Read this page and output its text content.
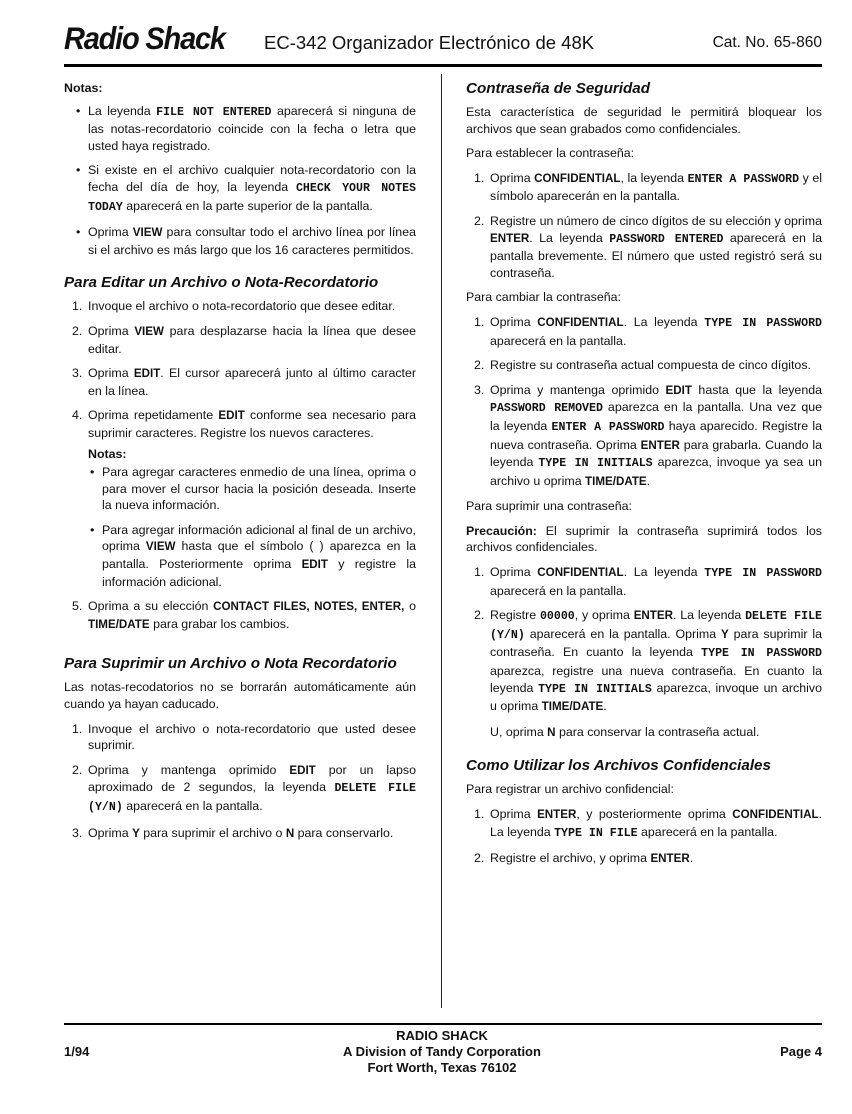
Radio Shack EC-342 Organizador Electrónico de 48K	Cat. No. 65-860
Notas:
• La leyenda FILE NOT ENTERED aparecerá si ninguna de las notas-recordatorio coincide con la fecha o letra que usted haya registrado.
• Si existe en el archivo cualquier nota-recordatorio con la fecha del día de hoy, la leyenda CHECK YOUR NOTES TODAY aparecerá en la parte superior de la pantalla.
• Oprima VIEW para consultar todo el archivo línea por línea si el archivo es más largo que los 16 caracteres permitidos.
Para Editar un Archivo o Nota-Recordatorio
1. Invoque el archivo o nota-recordatorio que desee editar.
2. Oprima VIEW para desplazarse hacia la línea que desee editar.
3. Oprima EDIT. El cursor aparecerá junto al último caracter en la línea.
4. Oprima repetidamente EDIT conforme sea necesario para suprimir caracteres. Registre los nuevos caracteres.
Notas:
• Para agregar caracteres enmedio de una línea, oprima o para mover el cursor hacia la posición deseada. Inserte la nueva información.
• Para agregar información adicional al final de un archivo, oprima VIEW hasta que el símbolo ( ) aparezca en la pantalla. Posteriormente oprima EDIT y registre la información adicional.
5. Oprima a su elección CONTACT FILES, NOTES, ENTER, o TIME/DATE para grabar los cambios.
Para Suprimir un Archivo o Nota Recordatorio
Las notas-recodatorios no se borrarán automáticamente aún cuando ya hayan caducado.
1. Invoque el archivo o nota-recordatorio que usted desee suprimir.
2. Oprima y mantenga oprimido EDIT por un lapso aproximado de 2 segundos, la leyenda DELETE FILE (Y/N) aparecerá en la pantalla.
3. Oprima Y para suprimir el archivo o N para conservarlo.
Contraseña de Seguridad
Esta característica de seguridad le permitirá bloquear los archivos que sean grabados como confidenciales.
Para establecer la contraseña:
1. Oprima CONFIDENTIAL, la leyenda ENTER A PASSWORD y el símbolo aparecerán en la pantalla.
2. Registre un número de cinco dígitos de su elección y oprima ENTER. La leyenda PASSWORD ENTERED aparecerá en la pantalla brevemente. El número que usted registró será su contraseña.
Para cambiar la contraseña:
1. Oprima CONFIDENTIAL. La leyenda TYPE IN PASSWORD aparecerá en la pantalla.
2. Registre su contraseña actual compuesta de cinco dígitos.
3. Oprima y mantenga oprimido EDIT hasta que la leyenda PASSWORD REMOVED aparezca en la pantalla. Una vez que la leyenda ENTER A PASSWORD haya aparecido. Registre la nueva contraseña. Oprima ENTER para grabarla. Cuando la leyenda TYPE IN INITIALS aparezca, invoque ya sea un archivo u oprima TIME/DATE.
Para suprimir una contraseña:
Precaución: El suprimir la contraseña suprimirá todos los archivos confidenciales.
1. Oprima CONFIDENTIAL. La leyenda TYPE IN PASSWORD aparecerá en la pantalla.
2. Registre 00000, y oprima ENTER. La leyenda DELETE FILE (Y/N) aparecerá en la pantalla. Oprima Y para suprimir la contraseña. En cuanto la leyenda TYPE IN PASSWORD aparezca, registre una nueva contraseña. En cuanto la leyenda TYPE IN INITIALS aparezca, invoque un archivo u oprima TIME/DATE.
U, oprima N para conservar la contraseña actual.
Como Utilizar los Archivos Confidenciales
Para registrar un archivo confidencial:
1. Oprima ENTER, y posteriormente oprima CONFIDENTIAL. La leyenda TYPE IN FILE aparecerá en la pantalla.
2. Registre el archivo, y oprima ENTER.
1/94
RADIO SHACK
A Division of Tandy Corporation
Fort Worth, Texas 76102
Page 4
